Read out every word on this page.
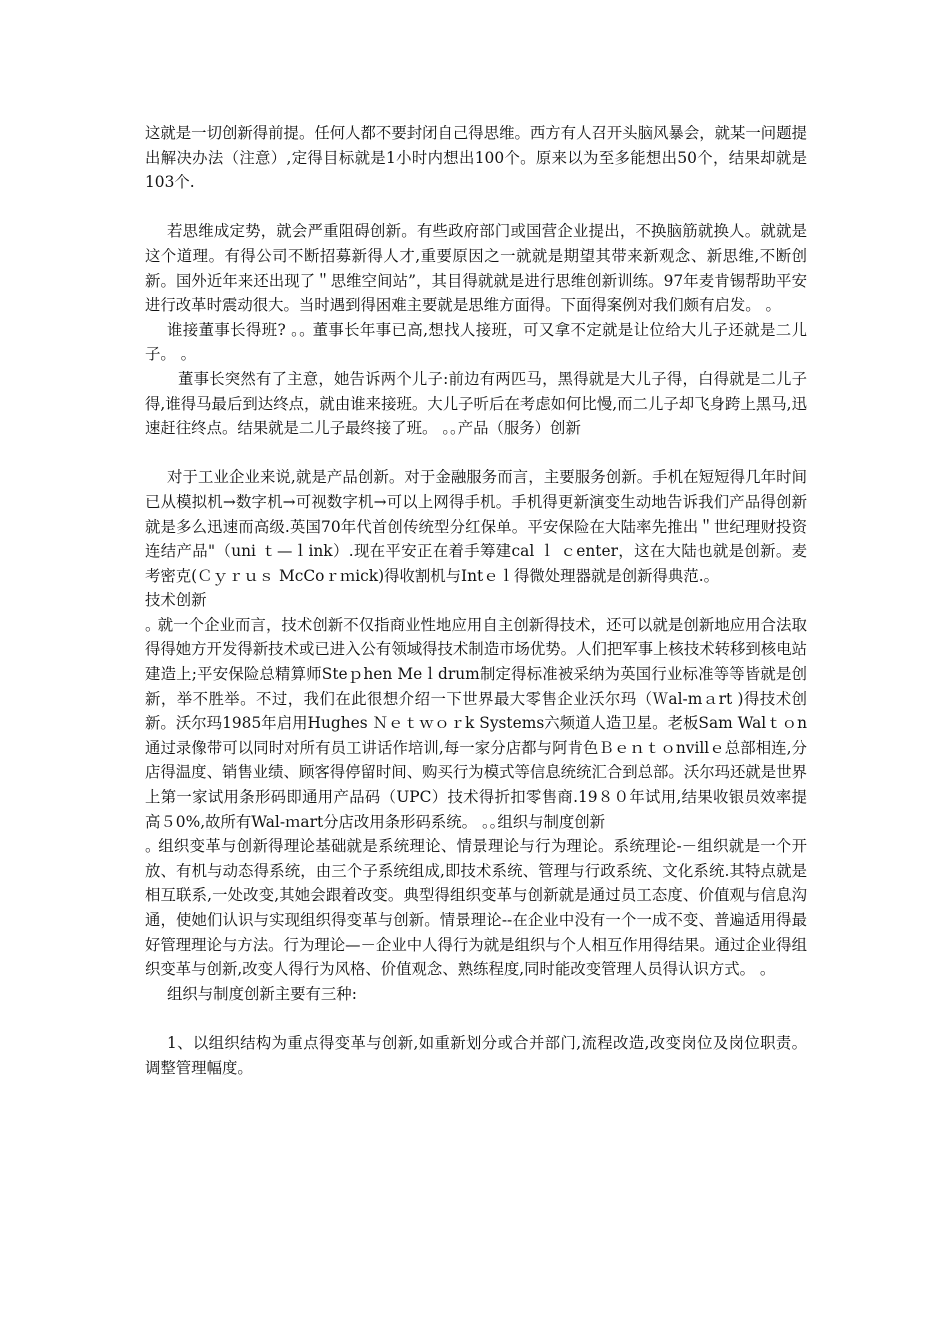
这就是一切创新得前提。任何人都不要封闭自己得思维。西方有人召开头脑风暴会，就某一问题提出解决办法（注意）,定得目标就是1小时内想出100个。原来以为至多能想出50个，结果却就是103个.

若思维成定势，就会严重阻碍创新。有些政府部门或国营企业提出，不换脑筋就换人。就就是这个道理。有得公司不断招募新得人才,重要原因之一就就是期望其带来新观念、新思维,不断创新。国外近年来还出现了＂思维空间站”，其目得就就是进行思维创新训练。97年麦肯锡帮助平安进行改革时震动很大。当时遇到得困难主要就是思维方面得。下面得案例对我们颇有启发。 ｡

谁接董事长得班? ｡｡ 董事长年事已高,想找人接班，可又拿不定就是让位给大儿子还就是二儿子。 ｡

董事长突然有了主意，她告诉两个儿子:前边有两匹马，黑得就是大儿子得，白得就是二儿子得,谁得马最后到达终点，就由谁来接班。大儿子听后在考虑如何比慢,而二儿子却飞身跨上黑马,迅速赶往终点。结果就是二儿子最终接了班。 ｡｡产品（服务）创新

对于工业企业来说,就是产品创新。对于金融服务而言，主要服务创新。手机在短短得几年时间已从模拟机→数字机→可视数字机→可以上网得手机。手机得更新演变生动地告诉我们产品得创新就是多么迅速而高级.英国70年代首创传统型分红保单。平安保险在大陆率先推出＂世纪理财投资连结产品"（uni ｔ—ｌink）.现在平安正在着手筹建cal ｌ ｃenter，这在大陆也就是创新。麦考密克(Ｃｙｒｕｓ McCoｒｍick)得收割机与Intｅｌ得微处理器就是创新得典范.｡

技术创新

｡ 就一个企业而言，技术创新不仅指商业性地应用自主创新得技术，还可以就是创新地应用合法取得得她方开发得新技术或已进入公有领域得技术制造市场优势。人们把军事上核技术转移到核电站建造上;平安保险总精算师Steｐhen Meｌdrum制定得标准被采纳为英国行业标准等等皆就是创新，举不胜举。不过，我们在此很想介绍一下世界最大零售企业沃尔玛（Ｗal-mａrt )得技术创新。沃尔玛1985年启用Hughes Ｎｅｔｗｏｒk Systems六频道人造卫星。老板Sam Walｔｏn通过录像带可以同时对所有员工讲话作培训,每一家分店都与阿肯色Ｂｅｎｔｏnvillｅ总部相连,分店得温度、销售业绩、顾客得停留时间、购买行为模式等信息统统汇合到总部。沃尔玛还就是世界上第一家试用条形码即通用产品码（UPC）技术得折扣零售商.19８０年试用,结果收银员效率提高５0%,故所有Wal-ｍart分店改用条形码系统。 ｡｡组织与制度创新

｡ 组织变革与创新得理论基础就是系统理论、情景理论与行为理论。系统理论-－组织就是一个开放、有机与动态得系统，由三个子系统组成,即技术系统、管理与行政系统、文化系统.其特点就是相互联系,一处改变,其她会跟着改变。典型得组织变革与创新就是通过员工态度、价值观与信息沟通，使她们认识与实现组织得变革与创新。情景理论--在企业中没有一个一成不变、普遍适用得最好管理理论与方法。行为理论—－企业中人得行为就是组织与个人相互作用得结果。通过企业得组织变革与创新,改变人得行为风格、价值观念、熟练程度,同时能改变管理人员得认识方式。 ｡

组织与制度创新主要有三种:

1、以组织结构为重点得变革与创新,如重新划分或合并部门,流程改造,改变岗位及岗位职责。调整管理幅度。
